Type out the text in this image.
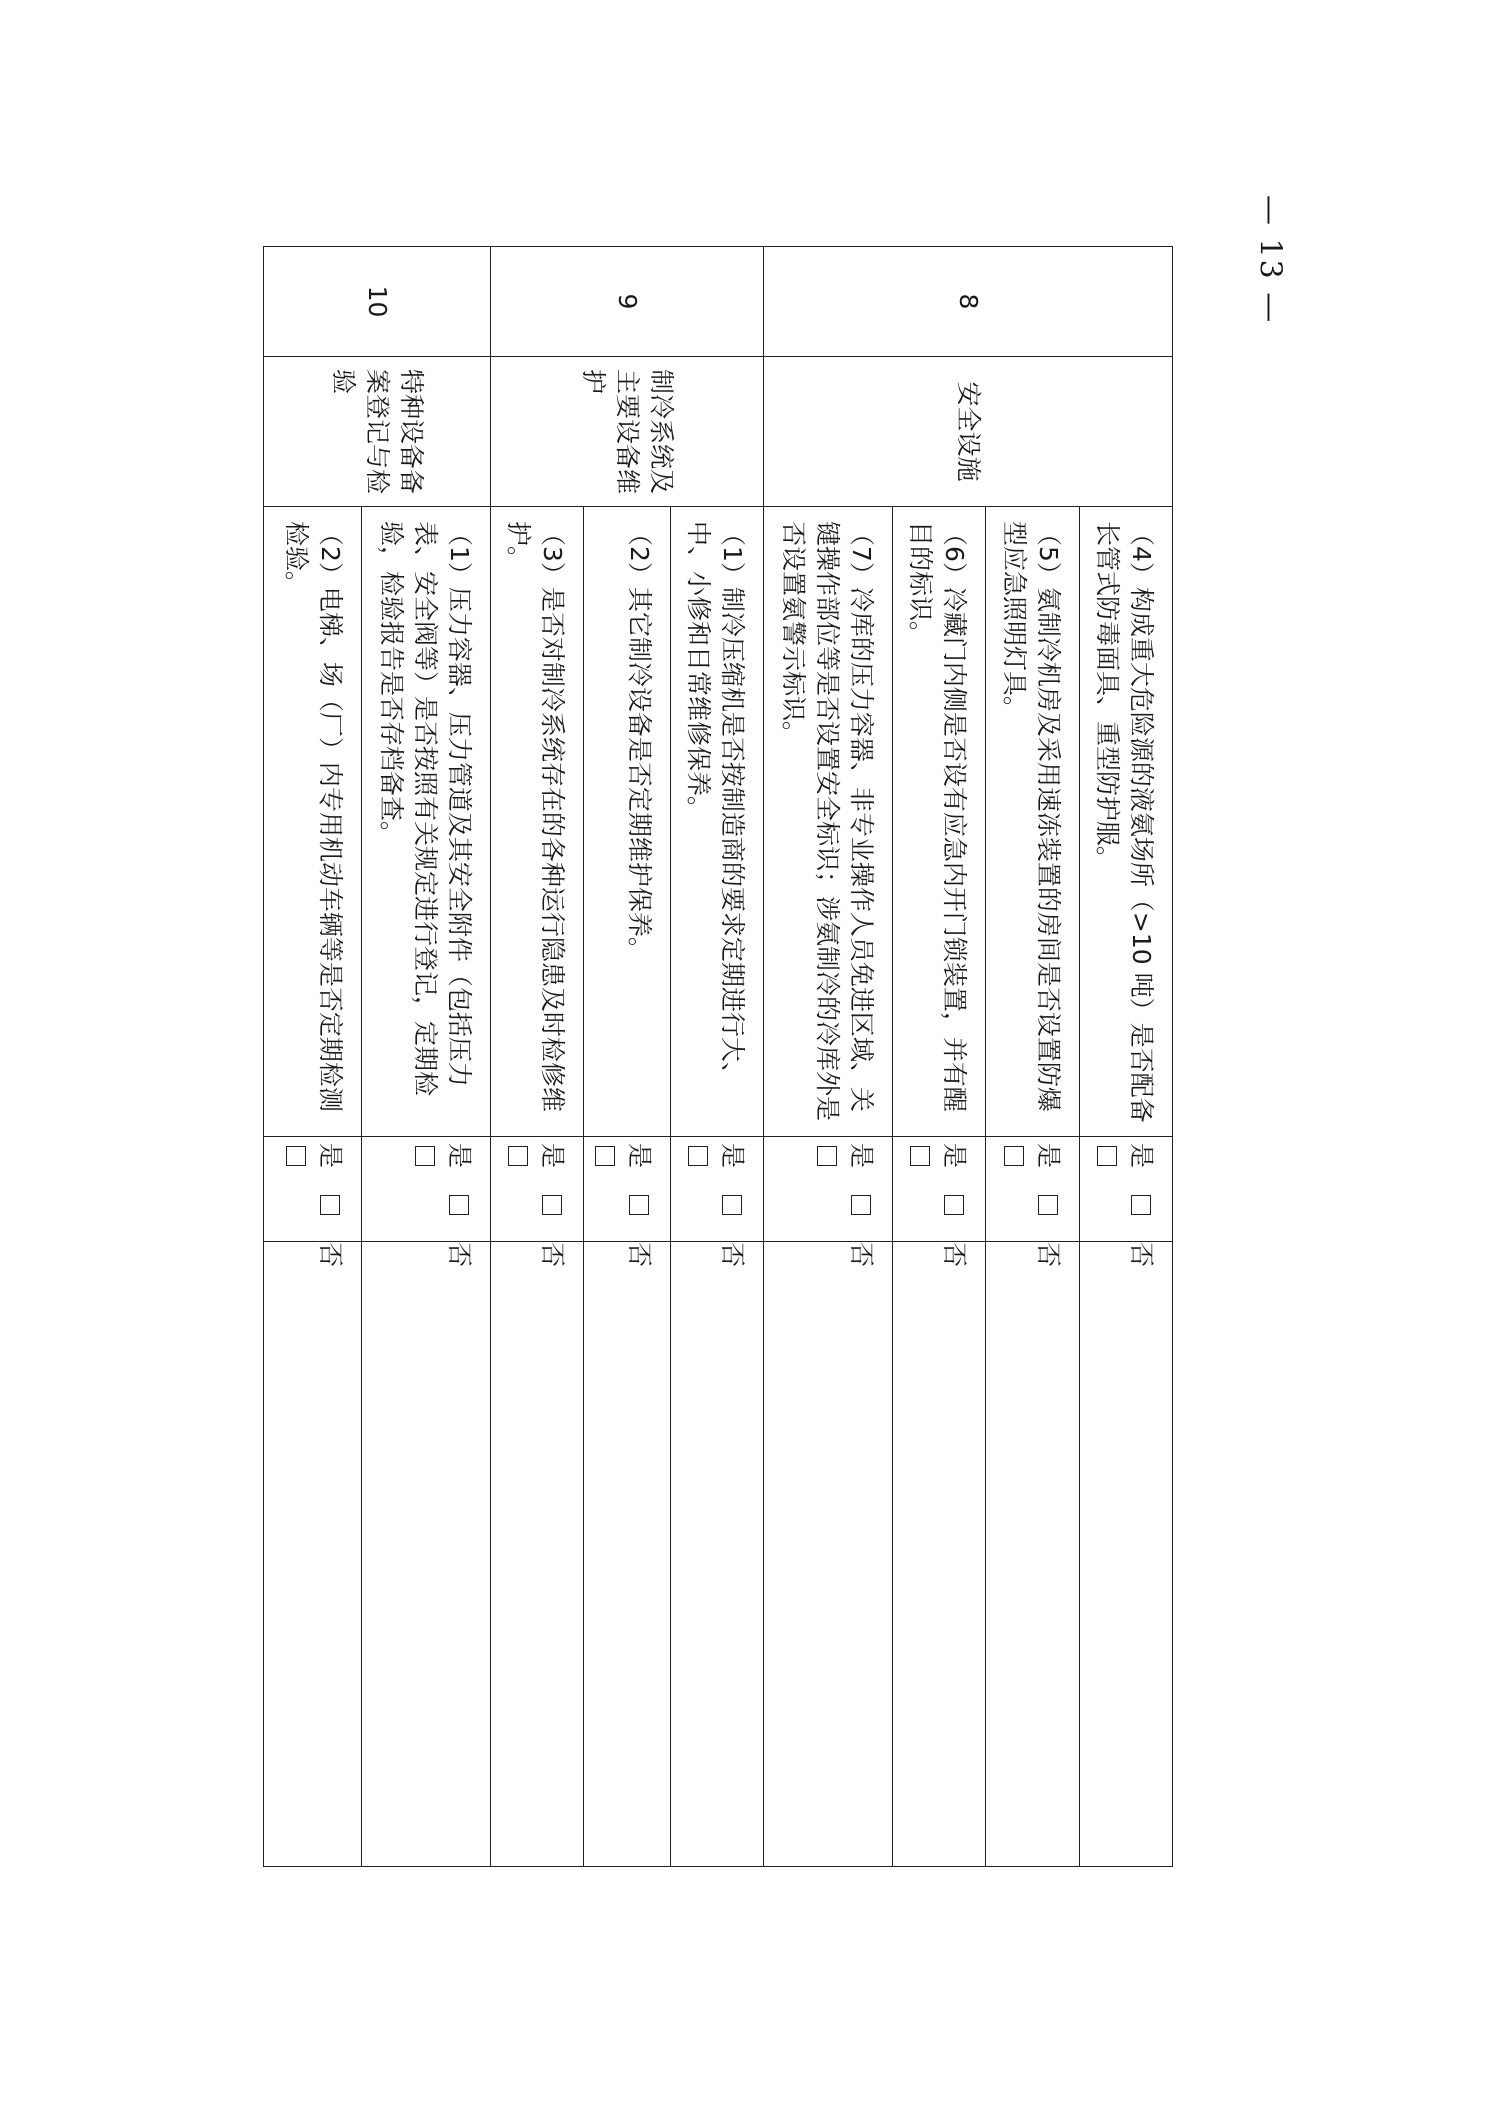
— 13 —
8	安全设施	（4）构成重大危险源的液氨场所（>10 吨）是否配备长管式防毒面具、重型防护服。	是否	

		（5）氨制冷机房及采用速冻装置的房间是否设置防爆型应急照明灯具。	是否	

		（6）冷藏门内侧是否设有应急内开门锁装置，并有醒目的标识。	是否	

		（7）冷库的压力容器、非专业操作人员免进区域、关键操作部位等是否设置安全标识；涉氨制冷的冷库外是否设置氨警示标识。	是否	

9	制冷系统及主要设备维护	（1）制冷压缩机是否按制造商的要求定期进行大、中、小修和日常维修保养。	是否	

		（2）其它制冷设备是否定期维护保养。	是否	

		（3）是否对制冷系统存在的各种运行隐患及时检修维护。	是否	

10	特种设备备案登记与检验	（1）压力容器、压力管道及其安全附件（包括压力表、安全阀等）是否按照有关规定进行登记，定期检验，检验报告是否存档备查。	是否	

		（2）电梯、场（厂）内专用机动车辆等是否定期检测检验。	是否	
